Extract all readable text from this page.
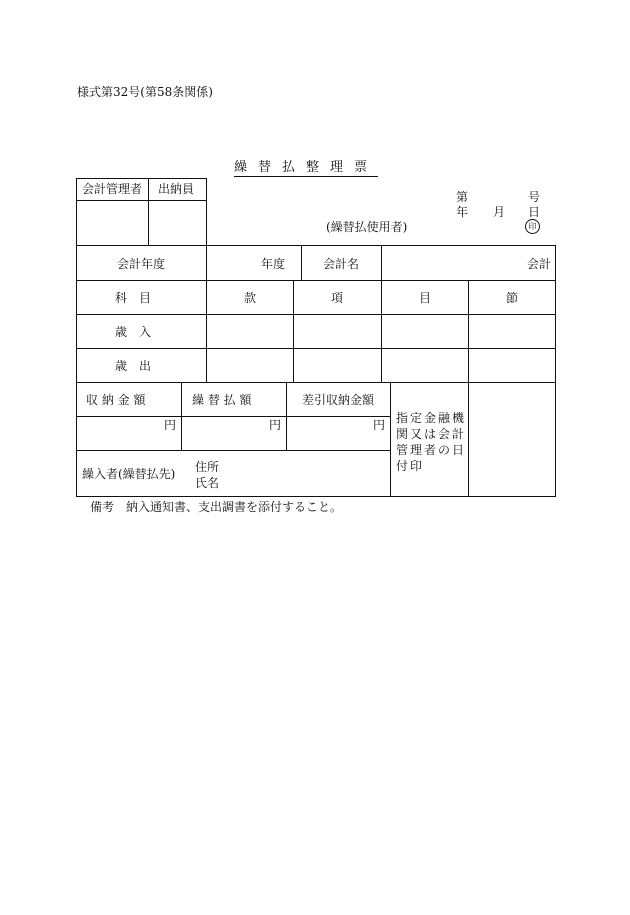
様式第32号(第58条関係)
繰替払整理票
会計管理者 出納員
第	号
年 月 日
(繰替払使用者)	印
会計年度	年度	会計名	会計
科　目	款	項	目	節
歳　入
歳　出
収 納 金 額	繰 替 払 額	差引収納金額
円	円	円 指定金融機関又は会計管理者の日付印
繰入者(繰替払先) 住所
氏名
備考　納入通知書、支出調書を添付すること。
